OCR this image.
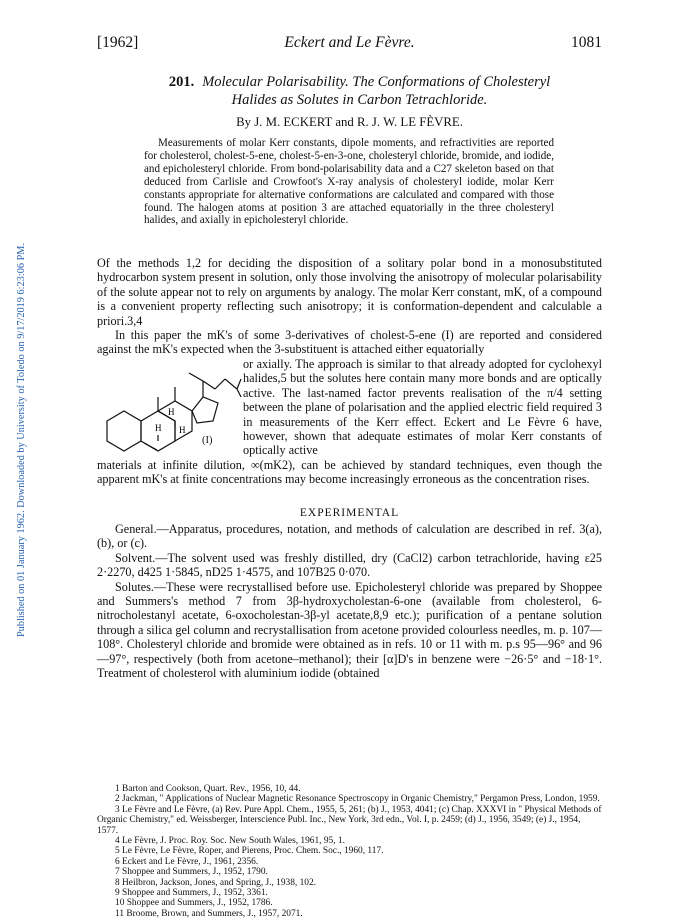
Published on 01 January 1962. Downloaded by University of Toledo on 9/17/2019 6:23:06 PM.
[1962]	Eckert and Le Fèvre.	1081
201. Molecular Polarisability. The Conformations of Cholesteryl
Halides as Solutes in Carbon Tetrachloride.
By J. M. ECKERT and R. J. W. LE FÈVRE.
Measurements of molar Kerr constants, dipole moments, and refractivities are reported for cholesterol, cholest-5-ene, cholest-5-en-3-one, cholesteryl chloride, bromide, and iodide, and epicholesteryl chloride. From bond-polarisability data and a C27 skeleton based on that deduced from Carlisle and Crowfoot's X-ray analysis of cholesteryl iodide, molar Kerr constants appropriate for alternative conformations are calculated and compared with those found. The halogen atoms at position 3 are attached equatorially in the three cholesteryl halides, and axially in epicholesteryl chloride.

Of the methods 1,2 for deciding the disposition of a solitary polar bond in a monosubstituted hydrocarbon system present in solution, only those involving the anisotropy of molecular polarisability of the solute appear not to rely on arguments by analogy. The molar Kerr constant, mK, of a compound is a convenient property reflecting such anisotropy; it is conformation-dependent and calculable a priori.3,4

In this paper the mK's of some 3-derivatives of cholest-5-ene (I) are reported and considered against the mK's expected when the 3-substituent is attached either equatorially

H
H H
(I)

or axially. The approach is similar to that already adopted for cyclohexyl halides,5 but the solutes here contain many more bonds and are optically active. The last-named factor prevents realisation of the π/4 setting between the plane of polarisation and the applied electric field required 3 in measurements of the Kerr effect. Eckert and Le Fèvre 6 have, however, shown that adequate estimates of molar Kerr constants of optically active

materials at infinite dilution, ∞(mK2), can be achieved by standard techniques, even though the apparent mK's at finite concentrations may become increasingly erroneous as the concentration rises.

EXPERIMENTAL

General.—Apparatus, procedures, notation, and methods of calculation are described in ref. 3(a), (b), or (c).

Solvent.—The solvent used was freshly distilled, dry (CaCl2) carbon tetrachloride, having ε25 2·2270, d425 1·5845, nD25 1·4575, and 107B25 0·070.

Solutes.—These were recrystallised before use. Epicholesteryl chloride was prepared by Shoppee and Summers's method 7 from 3β-hydroxycholestan-6-one (available from cholesterol, 6-nitrocholestanyl acetate, 6-oxocholestan-3β-yl acetate,8,9 etc.); purification of a pentane solution through a silica gel column and recrystallisation from acetone provided colourless needles, m. p. 107—108°. Cholesteryl chloride and bromide were obtained as in refs. 10 or 11 with m. p.s 95—96° and 96—97°, respectively (both from acetone–methanol); their [α]D's in benzene were −26·5° and −18·1°. Treatment of cholesterol with aluminium iodide (obtained

1 Barton and Cookson, Quart. Rev., 1956, 10, 44.
2 Jackman, " Applications of Nuclear Magnetic Resonance Spectroscopy in Organic Chemistry," Pergamon Press, London, 1959.
3 Le Fèvre and Le Fèvre, (a) Rev. Pure Appl. Chem., 1955, 5, 261; (b) J., 1953, 4041; (c) Chap. XXXVI in " Physical Methods of Organic Chemistry," ed. Weissberger, Interscience Publ. Inc., New York, 3rd edn., Vol. I, p. 2459; (d) J., 1956, 3549; (e) J., 1954, 1577.
4 Le Fèvre, J. Proc. Roy. Soc. New South Wales, 1961, 95, 1.
5 Le Fèvre, Le Fèvre, Roper, and Pierens, Proc. Chem. Soc., 1960, 117.
6 Eckert and Le Fèvre, J., 1961, 2356.
7 Shoppee and Summers, J., 1952, 1790.
8 Heilbron, Jackson, Jones, and Spring, J., 1938, 102.
9 Shoppee and Summers, J., 1952, 3361.
10 Shoppee and Summers, J., 1952, 1786.
11 Broome, Brown, and Summers, J., 1957, 2071.
